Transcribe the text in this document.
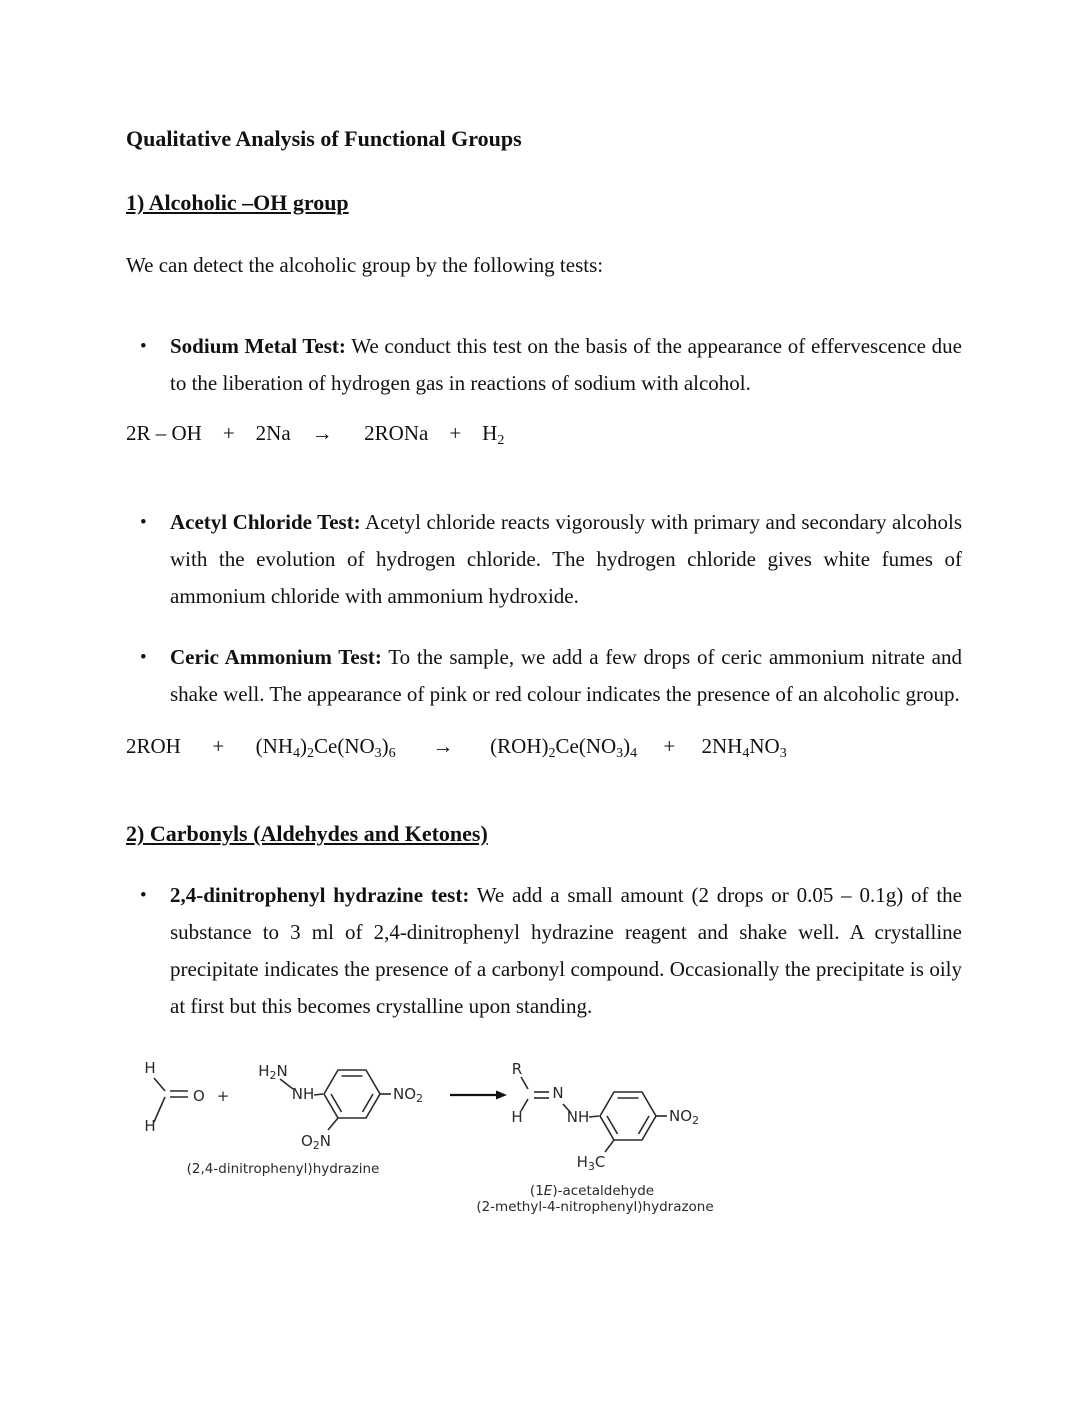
Qualitative Analysis of Functional Groups
1) Alcoholic –OH group
We can detect the alcoholic group by the following tests:
•	Sodium Metal Test: We conduct this test on the basis of the appearance of effervescence due to the liberation of hydrogen gas in reactions of sodium with alcohol.
2R – OH    +    2Na    →      2RONa    +    $H_2$
•	Acetyl Chloride Test: Acetyl chloride reacts vigorously with primary and secondary alcohols with the evolution of hydrogen chloride. The hydrogen chloride gives white fumes of ammonium chloride with ammonium hydroxide.
•	Ceric Ammonium Test: To the sample, we add a few drops of ceric ammonium nitrate and shake well. The appearance of pink or red colour indicates the presence of an alcoholic group.
2ROH      +      $(NH_4)_2Ce(NO_3)_6$       →       $(ROH)_2Ce(NO_3)_4$     +     $2NH_4NO_3$
2) Carbonyls (Aldehydes and Ketones)
•	2,4-dinitrophenyl hydrazine test: We add a small amount (2 drops or 0.05 – 0.1g) of the substance to 3 ml of 2,4-dinitrophenyl hydrazine reagent and shake well. A crystalline precipitate indicates the presence of a carbonyl compound. Occasionally the precipitate is oily at first but this becomes crystalline upon standing.
H
H
O +
$H_2N$
NH	$NO_2$
$O_2N$
(2,4-dinitrophenyl)hydrazine
R
H
N
NH	$NO_2$
$H_3C$
(1E)-acetaldehyde
(2-methyl-4-nitrophenyl)hydrazone
